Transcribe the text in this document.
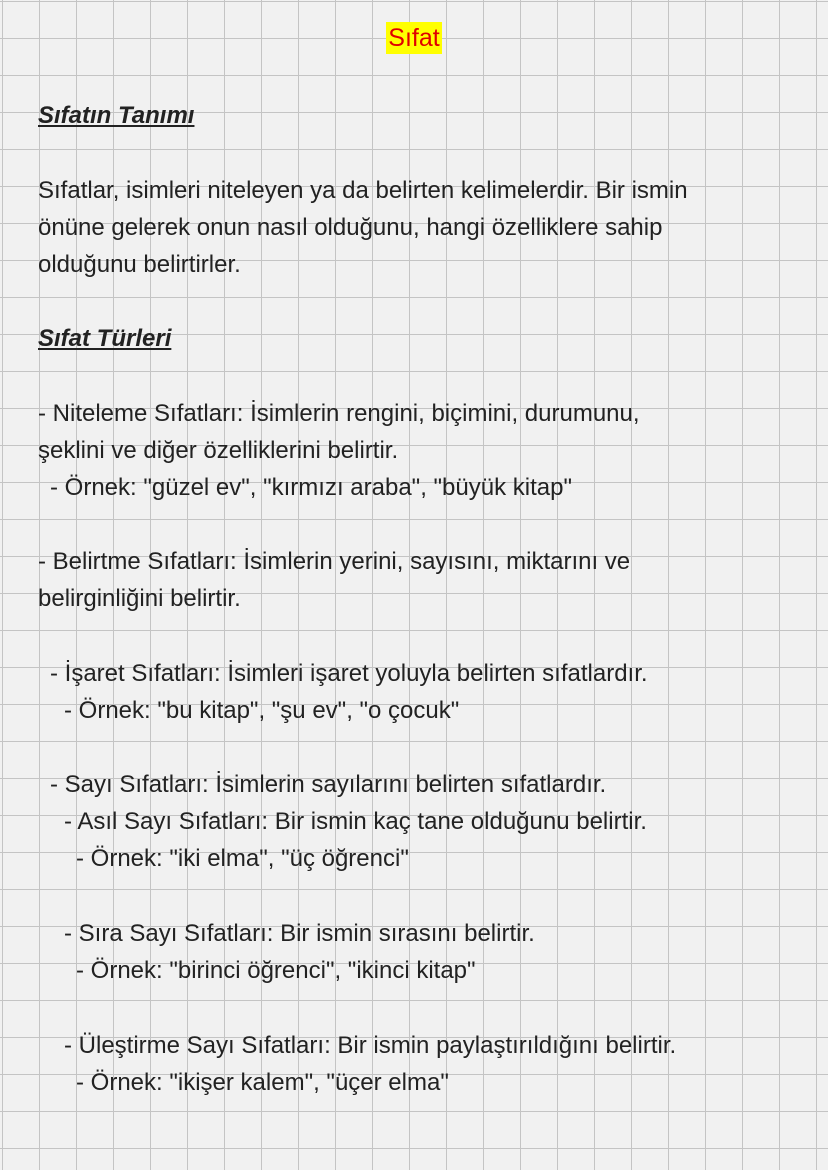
Sıfat
Sıfatın Tanımı
Sıfatlar, isimleri niteleyen ya da belirten kelimelerdir. Bir ismin
önüne gelerek onun nasıl olduğunu, hangi özelliklere sahip
olduğunu belirtirler.
Sıfat Türleri
- Niteleme Sıfatları: İsimlerin rengini, biçimini, durumunu,
şeklini ve diğer özelliklerini belirtir.
- Örnek: "güzel ev", "kırmızı araba", "büyük kitap"
- Belirtme Sıfatları: İsimlerin yerini, sayısını, miktarını ve
belirginliğini belirtir.
- İşaret Sıfatları: İsimleri işaret yoluyla belirten sıfatlardır.
- Örnek: "bu kitap", "şu ev", "o çocuk"
- Sayı Sıfatları: İsimlerin sayılarını belirten sıfatlardır.
- Asıl Sayı Sıfatları: Bir ismin kaç tane olduğunu belirtir.
- Örnek: "iki elma", "üç öğrenci"
- Sıra Sayı Sıfatları: Bir ismin sırasını belirtir.
- Örnek: "birinci öğrenci", "ikinci kitap"
- Üleştirme Sayı Sıfatları: Bir ismin paylaştırıldığını belirtir.
- Örnek: "ikişer kalem", "üçer elma"
